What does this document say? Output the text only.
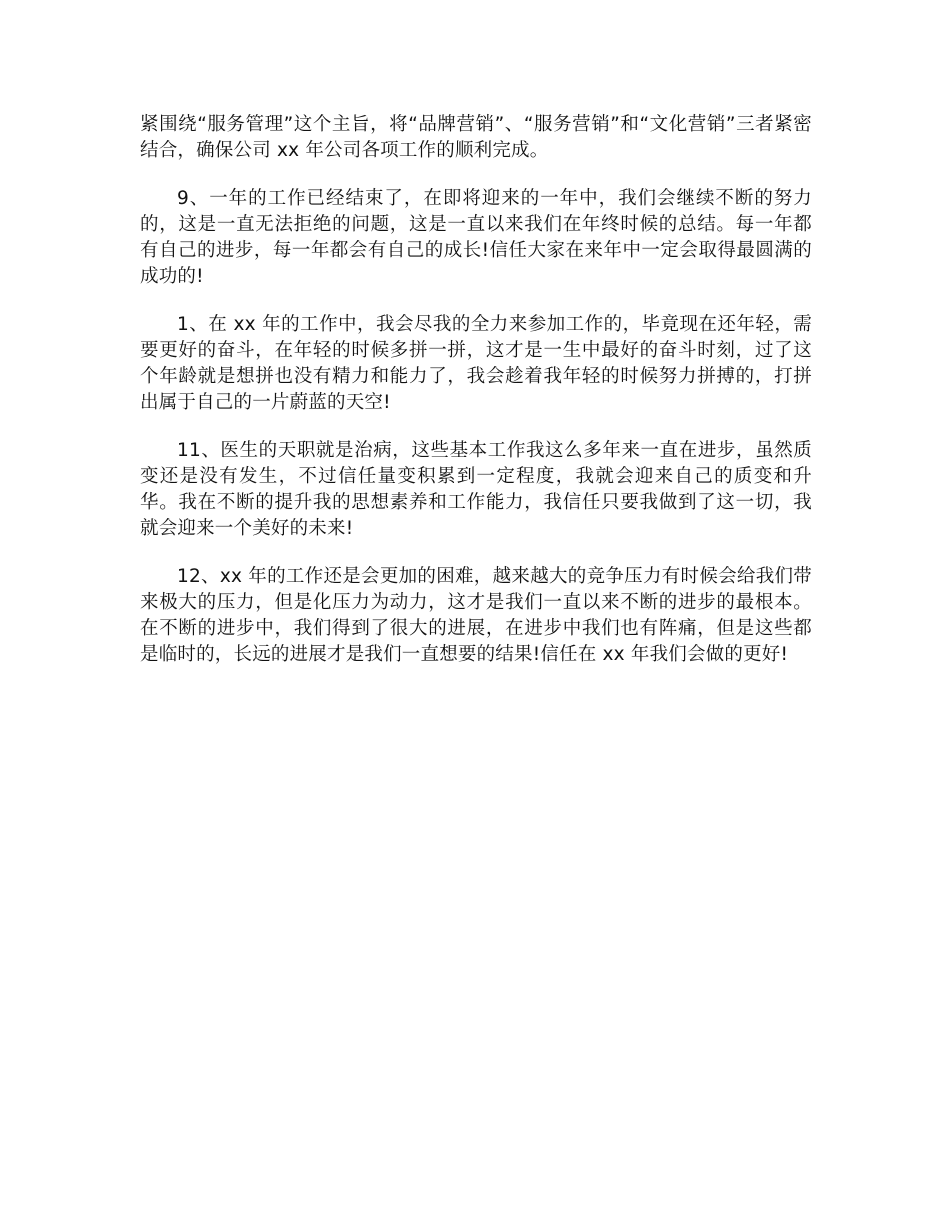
紧围绕“服务管理”这个主旨，将“品牌营销”、“服务营销”和“文化营销”三者紧密结合，确保公司 xx 年公司各项工作的顺利完成。

9、一年的工作已经结束了，在即将迎来的一年中，我们会继续不断的努力的，这是一直无法拒绝的问题，这是一直以来我们在年终时候的总结。每一年都有自己的进步，每一年都会有自己的成长!信任大家在来年中一定会取得最圆满的成功的!

1、在 xx 年的工作中，我会尽我的全力来参加工作的，毕竟现在还年轻，需要更好的奋斗，在年轻的时候多拼一拼，这才是一生中最好的奋斗时刻，过了这个年龄就是想拼也没有精力和能力了，我会趁着我年轻的时候努力拼搏的，打拼出属于自己的一片蔚蓝的天空!

11、医生的天职就是治病，这些基本工作我这么多年来一直在进步，虽然质变还是没有发生，不过信任量变积累到一定程度，我就会迎来自己的质变和升华。我在不断的提升我的思想素养和工作能力，我信任只要我做到了这一切，我就会迎来一个美好的未来!

12、xx 年的工作还是会更加的困难，越来越大的竞争压力有时候会给我们带来极大的压力，但是化压力为动力，这才是我们一直以来不断的进步的最根本。在不断的进步中，我们得到了很大的进展，在进步中我们也有阵痛，但是这些都是临时的，长远的进展才是我们一直想要的结果!信任在 xx 年我们会做的更好!
